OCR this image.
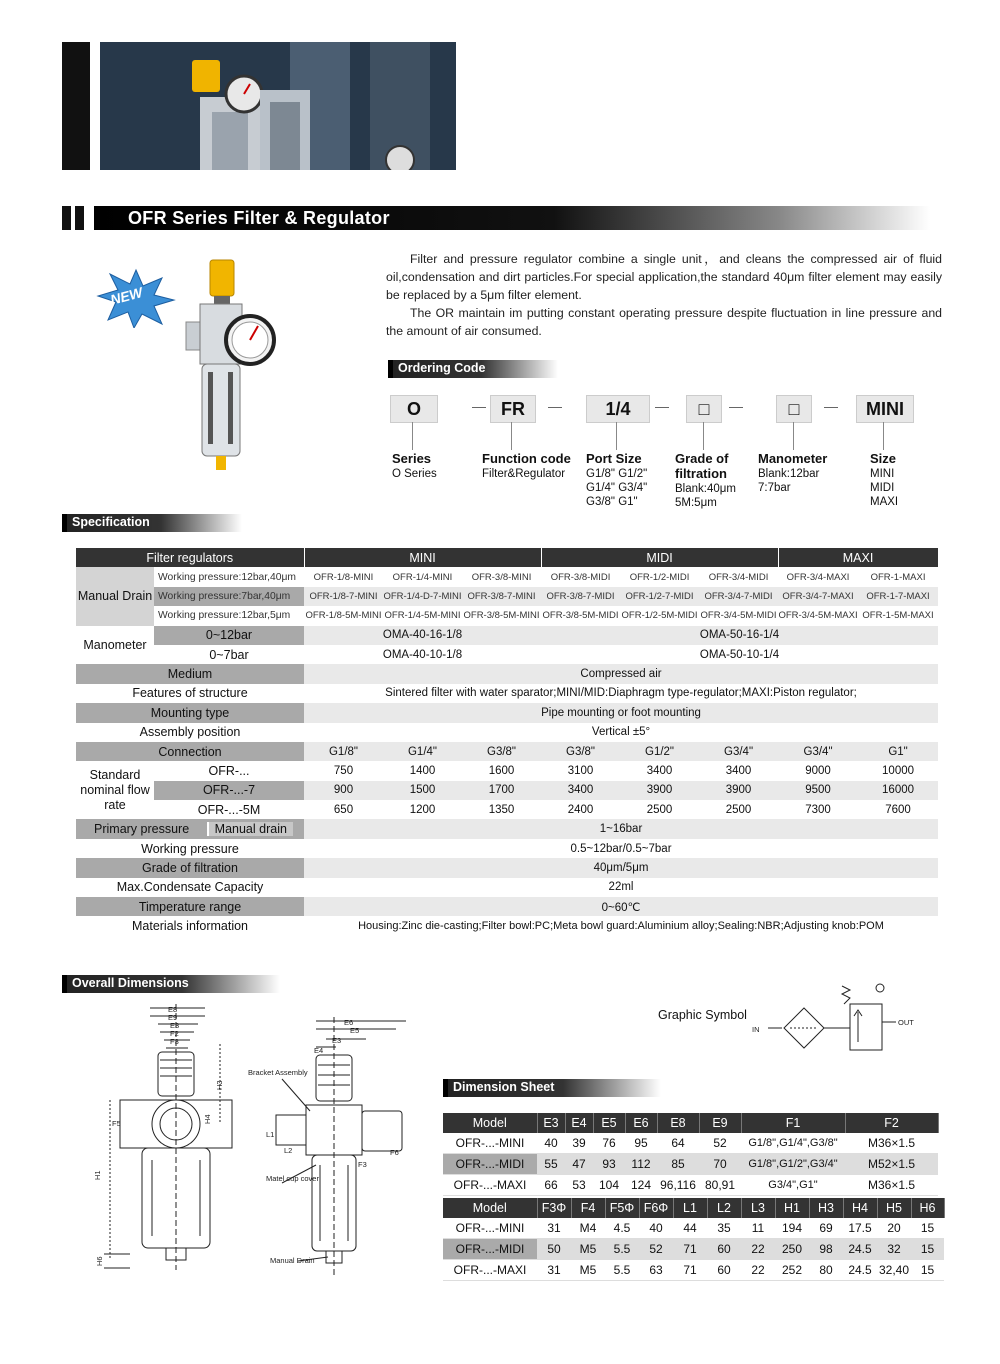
OFR Series Filter & Regulator
NEW

Filter and pressure regulator combine a single unit，and cleans the compressed air of fluid oil,condensation and dirt particles.For special application,the standard 40μm filter element may easily be replaced by a 5μm filter element.

The OR maintain im putting constant operating pressure despite fluctuation in line pressure and the amount of air consumed.

Ordering Code
O	FR	1/4	□	□	MINI
Series
O Series
Function code
Filter&Regulator
Port Size
G1/8" G1/2"
G1/4" G3/4"
G3/8" G1"
Grade of
filtration
Blank:40μm
5M:5μm
Manometer
Blank:12bar
7:7bar
Size
MINI
MIDI
MAXI
Specification
Filter regulators		MINI			MIDI			MAXI	
Manual Drain	Working pressure:12bar,40μm	OFR-1/8-MINI	OFR-1/4-MINI	OFR-3/8-MINI	OFR-3/8-MIDI	OFR-1/2-MIDI	OFR-3/4-MIDI	OFR-3/4-MAXI	OFR-1-MAXI
	Working pressure:7bar,40μm	OFR-1/8-7-MINI	OFR-1/4-D-7-MINI	OFR-3/8-7-MINI	OFR-3/8-7-MIDI	OFR-1/2-7-MIDI	OFR-3/4-7-MIDI	OFR-3/4-7-MAXI	OFR-1-7-MAXI
	Working pressure:12bar,5μm	OFR-1/8-5M-MINI	OFR-1/4-5M-MINI	OFR-3/8-5M-MINI	OFR-3/8-5M-MIDI	OFR-1/2-5M-MIDI	OFR-3/4-5M-MIDI	OFR-3/4-5M-MAXI	OFR-1-5M-MAXI
Manometer	0~12bar	OMA-40-16-1/8			OMA-50-16-1/4				
	0~7bar	OMA-40-10-1/8			OMA-50-10-1/4				
Medium		Compressed air							
Features of structure		Sintered filter with water sparator;MINI/MID:Diaphragm type-regulator;MAXI:Piston regulator;							
Mounting type		Pipe mounting or foot mounting							
Assembly position		Vertical ±5°							
Connection		G1/8"	G1/4"	G3/8"	G3/8"	G1/2"	G3/4"	G3/4"	G1"
Standard nominal flow rate	OFR-...	750	1400	1600	3100	3400	3400	9000	10000
	OFR-...-7	900	1500	1700	3400	3900	3900	9500	16000
	OFR-...-5M	650	1200	1350	2400	2500	2500	7300	7600
Primary pressure Manual drain		1~16bar							
Working pressure		0.5~12bar/0.5~7bar							
Grade of filtration		40μm/5μm							
Max.Condensate Capacity		22ml							
Timperature range		0~60℃							
Materials information		Housing:Zinc die-casting;Filter bowl:PC;Meta bowl guard:Aluminium alloy;Sealing:NBR;Adjusting knob:POM							
Overall Dimensions
E8
E9
E3
F2
F3
H1
H3
H4
H6
F5
E6
E5
E3
E4
L1
L2	F6
F3
Bracket Assembly
Matel cup cover
Manual Drain
Graphic Symbol
IN
OUT
Dimension Sheet
Model	E3	E4	E5	E6	E8	E9	F1	F2
OFR-...-MINI	40	39	76	95	64	52	G1/8",G1/4",G3/8"	M36×1.5
OFR-...-MIDI	55	47	93	112	85	70	G1/8",G1/2",G3/4"	M52×1.5
OFR-...-MAXI	66	53	104	124	96,116	80,91	G3/4",G1"	M36×1.5
Model	F3Φ	F4	F5Φ	F6Φ	L1	L2	L3	H1	H3	H4	H5	H6
OFR-...-MINI	31	M4	4.5	40	44	35	11	194	69	17.5	20	15
OFR-...-MIDI	50	M5	5.5	52	71	60	22	250	98	24.5	32	15
OFR-...-MAXI	31	M5	5.5	63	71	60	22	252	80	24.5	32,40	15
